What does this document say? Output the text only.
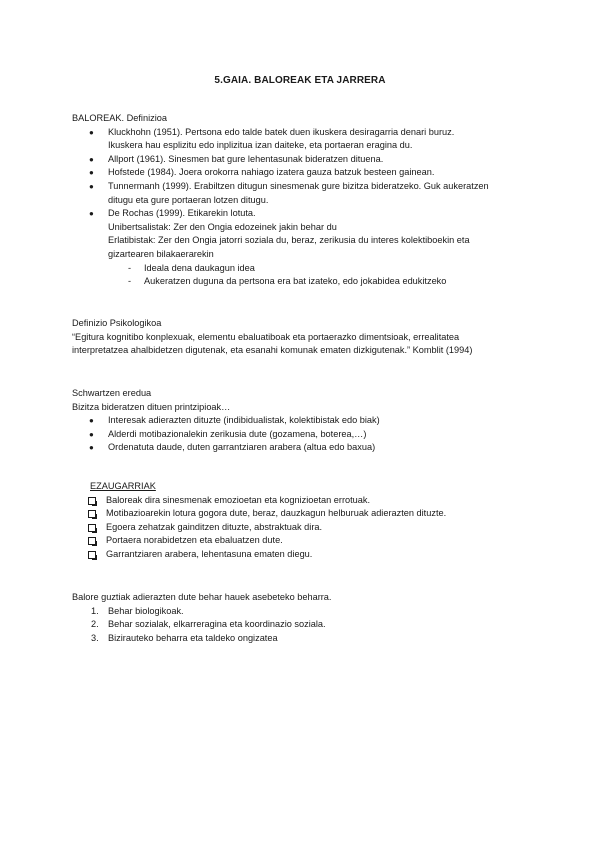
5.GAIA. BALOREAK ETA JARRERA
BALOREAK. Definizioa
● Kluckhohn (1951). Pertsona edo talde batek duen ikuskera desiragarria denari buruz.
Ikuskera hau esplizitu edo inplizitua izan daiteke, eta portaeran eragina du.
● Allport (1961). Sinesmen bat gure lehentasunak bideratzen dituena.
● Hofstede (1984). Joera orokorra nahiago izatera gauza batzuk besteen gainean.
● Tunnermanh (1999). Erabiltzen ditugun sinesmenak gure bizitza bideratzeko. Guk aukeratzen
ditugu eta gure portaeran lotzen ditugu.
● De Rochas (1999). Etikarekin lotuta.
Unibertsalistak: Zer den Ongia edozeinek jakin behar du
Erlatibistak: Zer den Ongia jatorri soziala du, beraz, zerikusia du interes kolektiboekin eta
gizartearen bilakaerarekin
- Idealа dena daukagun idea
- Aukeratzen duguna da pertsona era bat izateko, edo jokabidea edukitzeko
Definizio Psikologikoa
“Egitura kognitibo konplexuak, elementu ebaluatiboak eta portaerazko dimentsioak, errealitatea
interpretatzea ahalbidetzen digutenak, eta esanahi komunak ematen dizkigutenak.” Komblit (1994)
Schwartzen eredua
Bizitza bideratzen dituen printzipioak…
● Interesak adierazten dituzte (indibidualistak, kolektibistak edo biak)
● Alderdi motibazionalekin zerikusia dute (gozamena, boterea,…)
● Ordenatuta daude, duten garrantziaren arabera (altua edo baxua)
EZAUGARRIAK
Baloreak dira sinesmenak emozioetan eta kognizioetan errotuak.
Motibazioarekin lotura gogora dute, beraz, dauzkagun helburuak adierazten dituzte.
Egoera zehatzak gainditzen dituzte, abstraktuak dira.
Portaera norabidetzen eta ebaluatzen dute.
Garrantziaren arabera, lehentasuna ematen diegu.
Balore guztiak adierazten dute behar hauek asebeteko beharra.
1. Behar biologikoak.
2. Behar sozialak, elkarreragina eta koordinazio soziala.
3. Bizirauteko beharra eta taldeko ongizatea
